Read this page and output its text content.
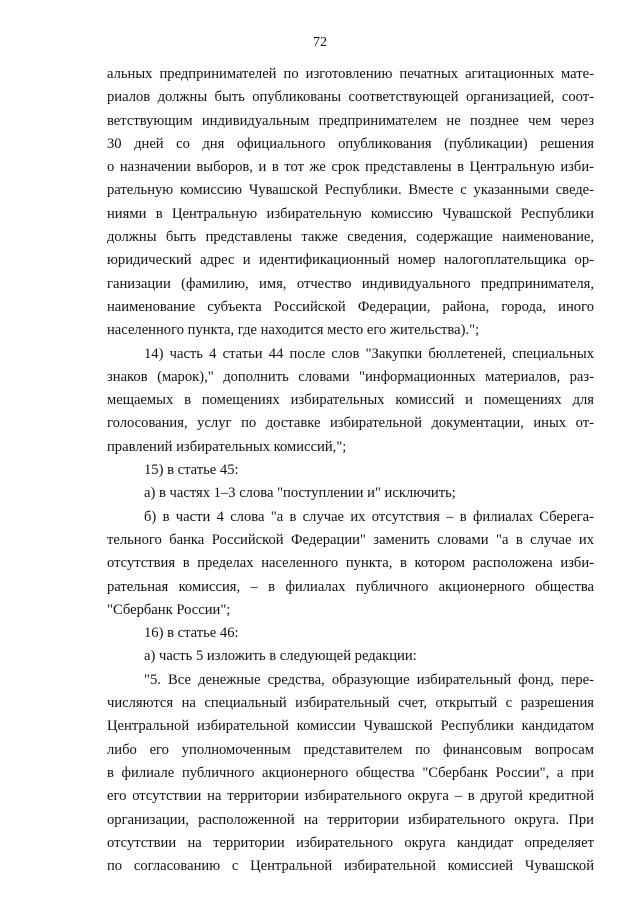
72
альных предпринимателей по изготовлению печатных агитационных мате-
риалов должны быть опубликованы соответствующей организацией, соот-
ветствующим индивидуальным предпринимателем не позднее чем через
30 дней со дня официального опубликования (публикации) решения
о назначении выборов, и в тот же срок представлены в Центральную изби-
рательную комиссию Чувашской Республики. Вместе с указанными сведе-
ниями в Центральную избирательную комиссию Чувашской Республики
должны быть представлены также сведения, содержащие наименование,
юридический адрес и идентификационный номер налогоплательщика ор-
ганизации (фамилию, имя, отчество индивидуального предпринимателя,
наименование субъекта Российской Федерации, района, города, иного
населенного пункта, где находится место его жительства).";
14) часть 4 статьи 44 после слов "Закупки бюллетеней, специальных
знаков (марок)," дополнить словами "информационных материалов, раз-
мещаемых в помещениях избирательных комиссий и помещениях для
голосования, услуг по доставке избирательной документации, иных от-
правлений избирательных комиссий,";
15) в статье 45:
а) в частях 1–3 слова "поступлении и" исключить;
б) в части 4 слова "а в случае их отсутствия – в филиалах Сберега-
тельного банка Российской Федерации" заменить словами "а в случае их
отсутствия в пределах населенного пункта, в котором расположена изби-
рательная комиссия, – в филиалах публичного акционерного общества
"Сбербанк России";
16) в статье 46:
а) часть 5 изложить в следующей редакции:
"5. Все денежные средства, образующие избирательный фонд, пере-
числяются на специальный избирательный счет, открытый с разрешения
Центральной избирательной комиссии Чувашской Республики кандидатом
либо его уполномоченным представителем по финансовым вопросам
в филиале публичного акционерного общества "Сбербанк России", а при
его отсутствии на территории избирательного округа – в другой кредитной
организации, расположенной на территории избирательного округа. При
отсутствии на территории избирательного округа кандидат определяет
по согласованию с Центральной избирательной комиссией Чувашской
